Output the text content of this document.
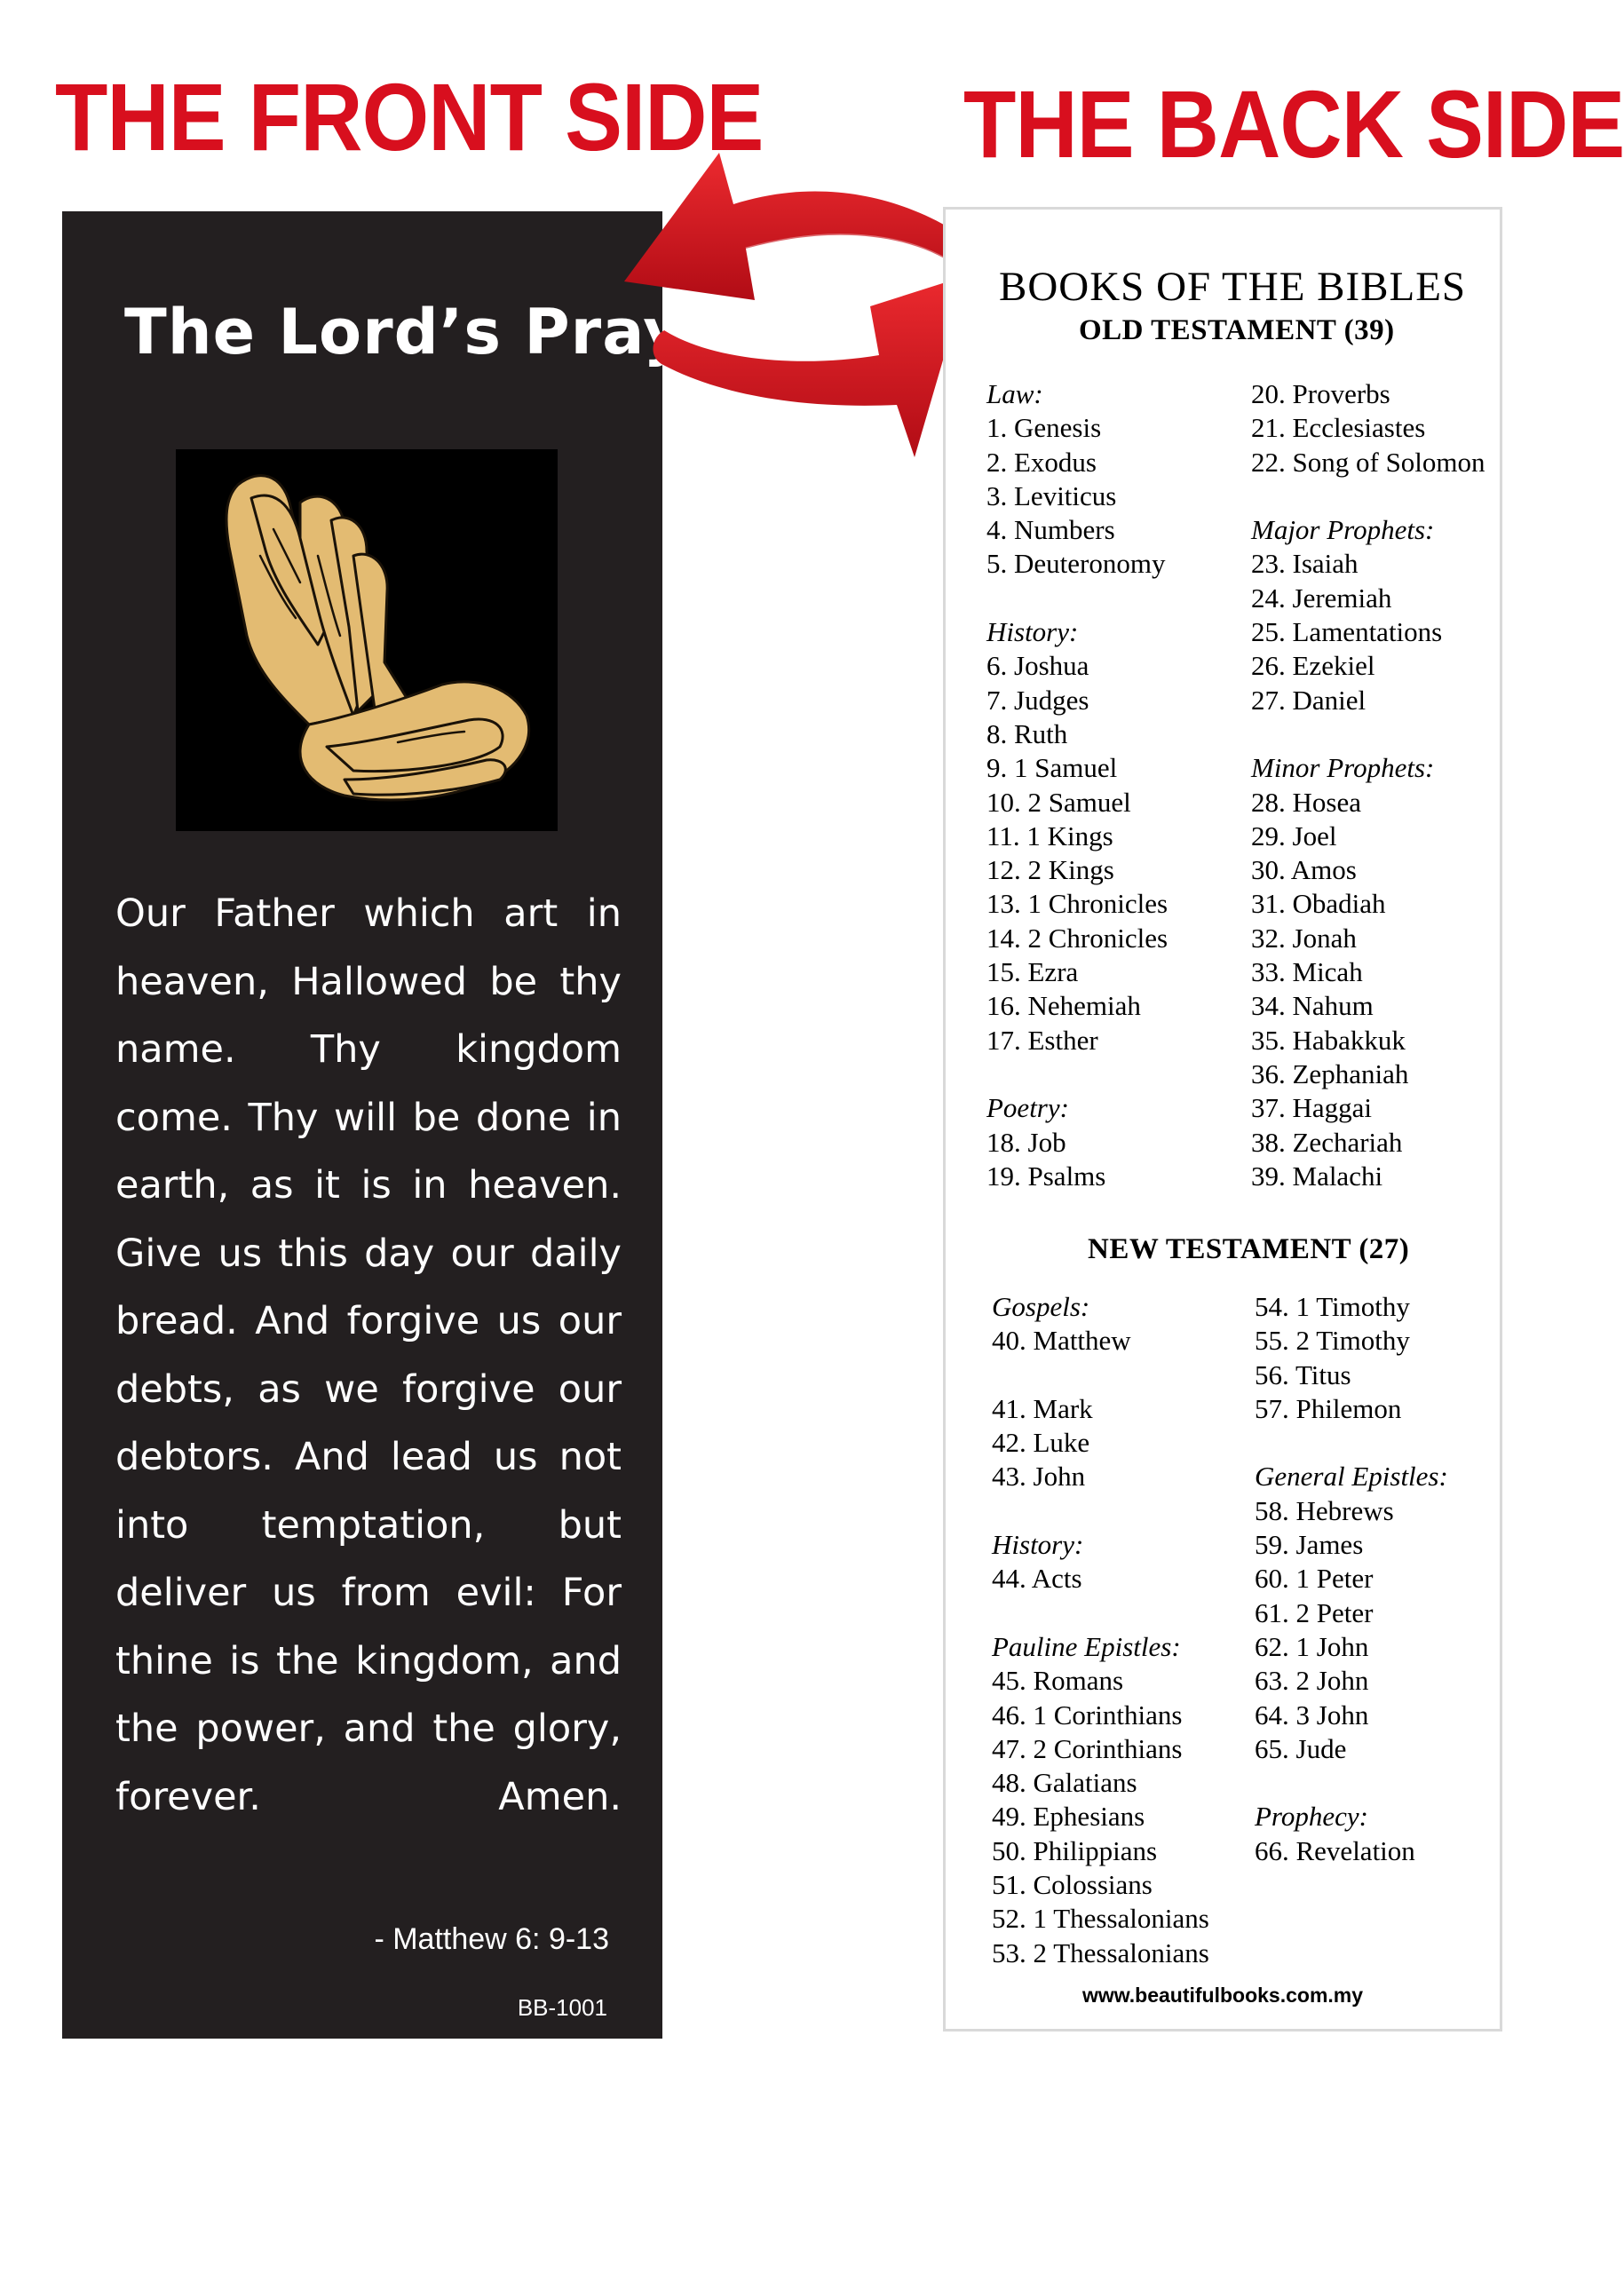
THE FRONT SIDE THE BACK SIDE
The Lord’s Prayer

Our Father which art in heaven, Hallowed be thy name. Thy kingdom come. Thy will be done in earth, as it is in heaven. Give us this day our daily bread. And forgive us our debts, as we forgive our debtors. And lead us not into temptation, but deliver us from evil: For thine is the kingdom, and the power, and the glory, forever. Amen.

- Matthew 6: 9-13
BB-1001
BOOKS OF THE BIBLES
OLD TESTAMENT (39)
Law:
1. Genesis
2. Exodus
3. Leviticus
4. Numbers
5. Deuteronomy
History:
6. Joshua
7. Judges
8. Ruth
9. 1 Samuel
10. 2 Samuel
11. 1 Kings
12. 2 Kings
13. 1 Chronicles
14. 2 Chronicles
15. Ezra
16. Nehemiah
17. Esther
Poetry:
18. Job
19. Psalms
20. Proverbs
21. Ecclesiastes
22. Song of Solomon
Major Prophets:
23. Isaiah
24. Jeremiah
25. Lamentations
26. Ezekiel
27. Daniel
Minor Prophets:
28. Hosea
29. Joel
30. Amos
31. Obadiah
32. Jonah
33. Micah
34. Nahum
35. Habakkuk
36. Zephaniah
37. Haggai
38. Zechariah
39. Malachi
NEW TESTAMENT (27)
Gospels:
40. Matthew
41. Mark
42. Luke
43. John
History:
44. Acts
Pauline Epistles:
45. Romans
46. 1 Corinthians
47. 2 Corinthians
48. Galatians
49. Ephesians
50. Philippians
51. Colossians
52. 1 Thessalonians
53. 2 Thessalonians
54. 1 Timothy
55. 2 Timothy
56. Titus
57. Philemon
General Epistles:
58. Hebrews
59. James
60. 1 Peter
61. 2 Peter
62. 1 John
63. 2 John
64. 3 John
65. Jude
Prophecy:
66. Revelation
www.beautifulbooks.com.my
